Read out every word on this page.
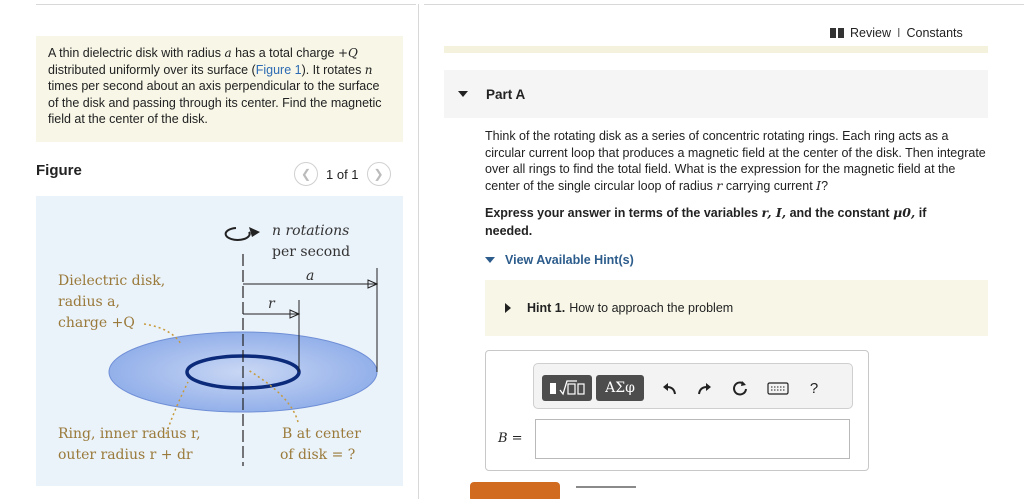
A thin dielectric disk with radius a has a total charge +Q distributed uniformly over its surface (Figure 1). It rotates n times per second about an axis perpendicular to the surface of the disk and passing through its center. Find the magnetic field at the center of the disk.
Figure	❮	1 of 1	❯
n rotations
per second
a
r
Dielectric disk,
radius a,
charge +Q
Ring, inner radius r,
outer radius r + dr
B at center
of disk = ?
Review I Constants
Part A
Think of the rotating disk as a series of concentric rotating rings. Each ring acts as a circular current loop that produces a magnetic field at the center of the disk. Then integrate over all rings to find the total field. What is the expression for the magnetic field at the center of the single circular loop of radius r carrying current I?
Express your answer in terms of the variables r, I, and the constant μ0, if needed.
View Available Hint(s)
Hint 1. How to approach the problem
ΑΣφ	?
B =
